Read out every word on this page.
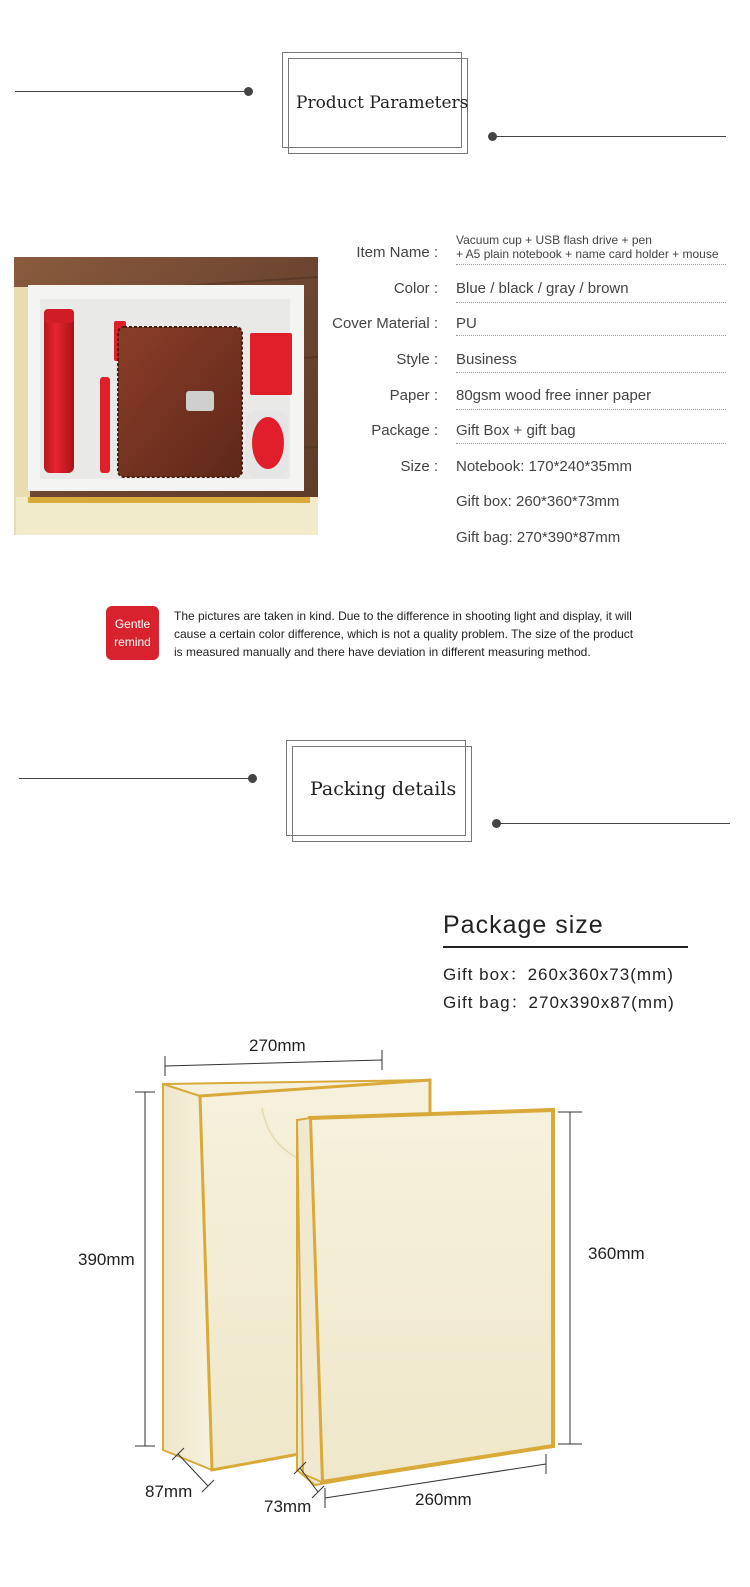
Product Parameters
Item Name :
Vacuum cup + USB flash drive + pen
+ A5 plain notebook + name card holder + mouse
Color : Blue / black / gray / brown
Cover Material : PU
Style : Business
Paper : 80gsm wood free inner paper
Package : Gift Box + gift bag
Size : Notebook: 170*240*35mm
Gift box: 260*360*73mm
Gift bag: 270*390*87mm
Gentle
remind
The pictures are taken in kind. Due to the difference in shooting light and display, it will
cause a certain color difference, which is not a quality problem. The size of the product
is measured manually and there have deviation in different measuring method.
Packing details
Package size
Gift box：260x360x73(mm)
Gift bag：270x390x87(mm)
270mm
390mm
87mm
360mm
73mm	260mm
